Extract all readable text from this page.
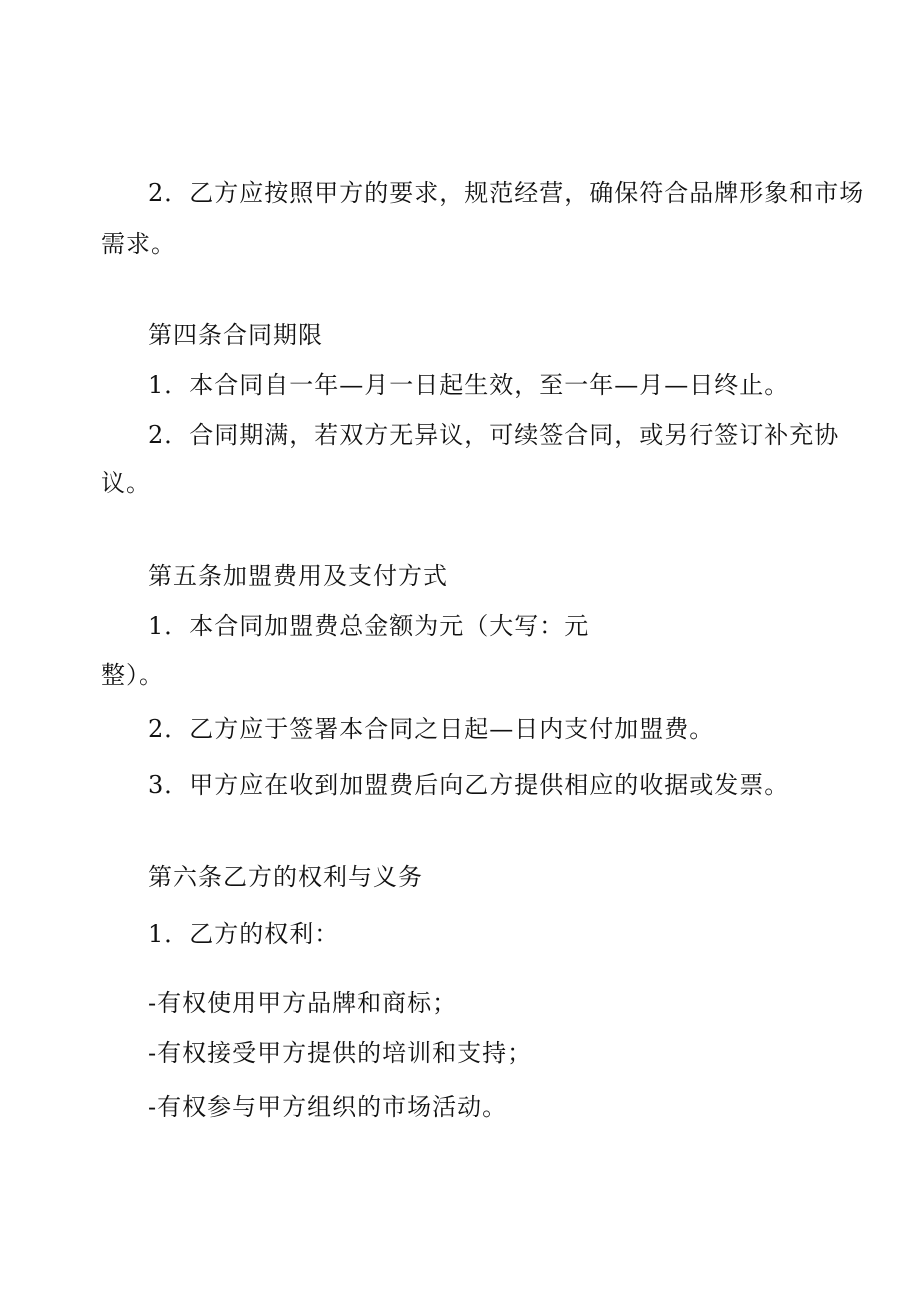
2．乙方应按照甲方的要求，规范经营，确保符合品牌形象和市场
需求。
第四条合同期限
1．本合同自一年—月一日起生效，至一年—月—日终止。
2．合同期满，若双方无异议，可续签合同，或另行签订补充协
议。
第五条加盟费用及支付方式
1．本合同加盟费总金额为元（大写：元
整）。
2．乙方应于签署本合同之日起—日内支付加盟费。
3．甲方应在收到加盟费后向乙方提供相应的收据或发票。
第六条乙方的权利与义务
1．乙方的权利：
-有权使用甲方品牌和商标；
-有权接受甲方提供的培训和支持；
-有权参与甲方组织的市场活动。
